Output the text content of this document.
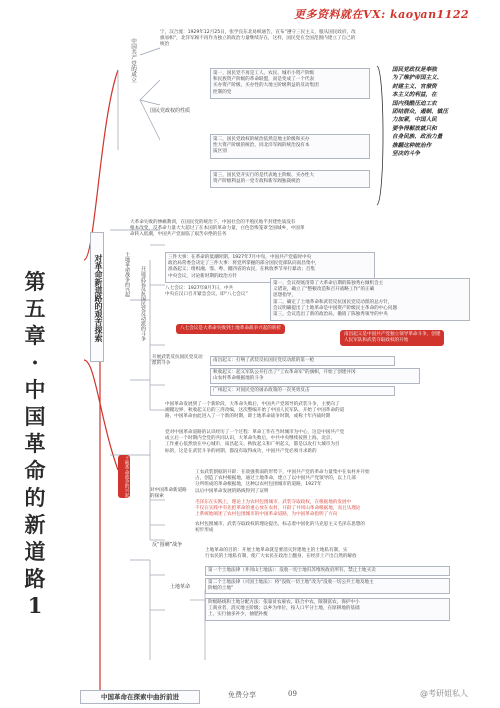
更多资料就在VX: kaoyan1122
第五章·中国革命的新道路1
对革命新道路的艰苦探索
中国革命在探索中曲折前进
中国共产党的成立
宁，汉合流：1929年12月25日，张学良东北易帜通告，宣布“遵守三民主义，服从国民政府，改
旗易帜”，北洋军阀不再作为独立的政治力量继续存在，这样，国民党在全国范围内建立了自己的
统治
国民党政权的性质
第一，国民党不再是工人、农民、城市小资产阶级
和民族资产阶级的革命联盟，而是变成了一个代表
买办资产阶级、买办性的大地主阶级利益的反动集团
控制的党
第二，国民党政权的统治依然是地主阶级和买办
性大资产阶级的统治，同北洋军阀的统治没有本
质区别
第三，国民党开实行的是代表地主阶级、买办性大
资产阶级利益的一党专政和新军阀独裁统治
国民党政权是奉独
为了维护帝国主义、
封建主义、官僚资
本主义的利益，在
国内残酷压迫工农
团结群众，遏制、镇压
力加紧，中国人民
要争得解放就只和
自身民族、政治力量
推翻这种统治作
坚决的斗争
大革命失败的惨痛教训，在国民党的统治下，中国社会的半殖民地半封建性质没有
根本改变，反革命力量大大超过了在本国的革命力量，白色恐怖笼罩全国城乡，中国革
命转入低潮，中国共产党面临了艰苦卓绝的任务
土地革命战争的兴起	开展武装反抗国民党反动派的斗争
三件大事：在革命的低潮时期，1927年7月中旬，中国共产党临时中央
政治局常委会决定了三件大事：将党所掌握的部分国民党部队向南昌集中，
准备起义；组织湘、鄂、粤、赣四省的农民，在秋收季节举行暴动；召集
中央会议，讨论新时期的政治方针
八七会议：1927年8月7日，中共
中央在汉口召开紧急会议，即“八七会议”
第一，会议彻底清算了大革命后期的陈独秀右倾机会主
义错误，确立了“整顿改造和召开战略工作”的正确
思想指导，
第二，确定了土地革命和武装反抗国民党反动派的总方针，
会议明确提出了土地革命是中国资产阶级民主革命的中心问题
第三，会议选出了新的政治局，撤销了陈独秀领导的中央
八七会议是大革命失败到土地革命战争兴起的转折
南昌起义是中国共产党独立领导革命斗争，创建
人民军队和武装夺取政权的开始
开展武装反抗国民党反动派的斗争
南昌起义：打响了武装反抗国民党反动派的第一枪
秋收起义：起义军队公开打出了“工农革命军”的旗帜，开始了创建井冈
山农村革命根据地的斗争
广州起义：对国民党的屠杀政策的一次英勇反击
中国革命发展到了一个新阶段，大革命失败后，中国共产党领导的武装斗争，主要向了
湘赣边界、秋收起义后的三湾改编，这次整编开始了中国人民军队，开始了中国革命的道
路，中国革命由此进入了一个新的时期，即土地革命战争时期，或称十年内战时期
土地革命战争的兴起
党对中国革命道路的认识经历了一个过程：革命工作在当时城市为中心，这是中国共产党
成立后一个时期内全党的共同认识，大革命失败后，中共中央继续按照上海、北京、
工作重心依然放在中心城市，南昌起义、秋收起义和广州起义，都是以攻打大城市为目
标的，这是在武装斗争的初期，都没有取得成功，中国共产党必须寻求新的
对中国革命新道路的探索
工农武装割据的开辟：在敌强我弱的形势下，中国共产党的革命力量集中在农村并开始
占，创造了农村根据地，通过土地革命，建立了以中国共产党领导的，以上几部
分所组成的革命根据地，这种以农村包围城市的道路，1927年
以后中国革命发展的路线得到了证明
毛泽东在实践上，理论上为农村包围城市、武装夺取政权，在根据地的发展中
不仅在实践中有先把革命的重心放在农村，开辟了井冈山革命根据地，而且从理论
上系统地阐述了农村包围城市的中国革命道路，为中国革命指明了方向
农村包围城市、武装夺取政权的理论提出，标志着中国化的马克思主义毛泽东思想的
初步形成
反“围剿”战争
土地革命
土地革命的目的：开展土地革命就是要消灭封建地主的土地私有制，实
行农民的土地私有制，使广大农民在政治上翻身，在经济上产出自然的解放
第一个土地法律（井冈山土地法）：没收一切土地归苏维埃政府所有，禁止土地买卖
第二个土地法律（兴国土地法）：将“没收一切土地”改为“没收一切公共土地及地主
阶级的土地”
阶级路线和土地分配方法：依靠贫农雇农，联合中农，限制富农，保护中小
工商业者，消灭地主阶级；以乡为单位，按人口平分土地，在原耕地的基础
上，实行抽多补少，抽肥补瘦
免费分享	09	@考研姐私人
